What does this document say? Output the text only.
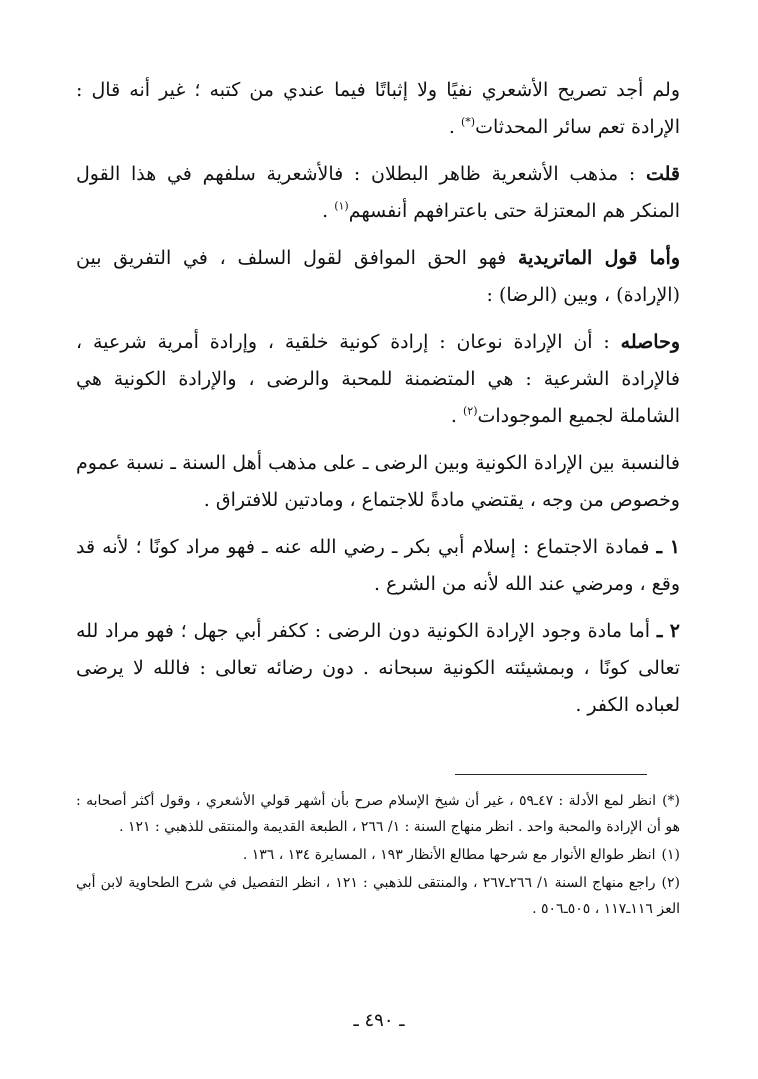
ولم أجد تصريح الأشعري نفيًا ولا إثباتًا فيما عندي من كتبه ؛ غير أنه قال : الإرادة تعم سائر المحدثات(*) .

قلت : مذهب الأشعرية ظاهر البطلان : فالأشعرية سلفهم في هذا القول المنكر هم المعتزلة حتى باعترافهم أنفسهم$^{(١)}$ .

وأما قول الماتريدية فهو الحق الموافق لقول السلف ، في التفريق بين (الإرادة) ، وبين (الرضا) :

وحاصله : أن الإرادة نوعان : إرادة كونية خلقية ، وإرادة أمرية شرعية ، فالإرادة الشرعية : هي المتضمنة للمحبة والرضى ، والإرادة الكونية هي الشاملة لجميع الموجودات$^{(٢)}$ .

فالنسبة بين الإرادة الكونية وبين الرضى ـ على مذهب أهل السنة ـ نسبة عموم وخصوص من وجه ، يقتضي مادةً للاجتماع ، ومادتين للافتراق .

١ ـ فمادة الاجتماع : إسلام أبي بكر ـ رضي الله عنه ـ فهو مراد كونًا ؛ لأنه قد وقع ، ومرضي عند الله لأنه من الشرع .

٢ ـ أما مادة وجود الإرادة الكونية دون الرضى : ككفر أبي جهل ؛ فهو مراد لله تعالى كونًا ، وبمشيئته الكونية سبحانه . دون رضائه تعالى : فالله لا يرضى لعباده الكفر .

(*)انظر لمع الأدلة : ٤٧ـ٥٩ ، غير أن شيخ الإسلام صرح بأن أشهر قولي الأشعري ، وقول أكثر أصحابه : هو أن الإرادة والمحبة واحد . انظر منهاج السنة : ١/ ٢٦٦ ، الطبعة القديمة والمنتقى للذهبي : ١٢١ .

(١)انظر طوالع الأنوار مع شرحها مطالع الأنظار ١٩٣ ، المسايرة ١٣٤ ، ١٣٦ .

(٢)راجع منهاج السنة ١/ ٢٦٦ـ٢٦٧ ، والمنتقى للذهبي : ١٢١ ، انظر التفصيل في شرح الطحاوية لابن أبي العز ١١٦ـ١١٧ ، ٥٠٥ـ٥٠٦ .

ـ ٤٩٠ ـ
